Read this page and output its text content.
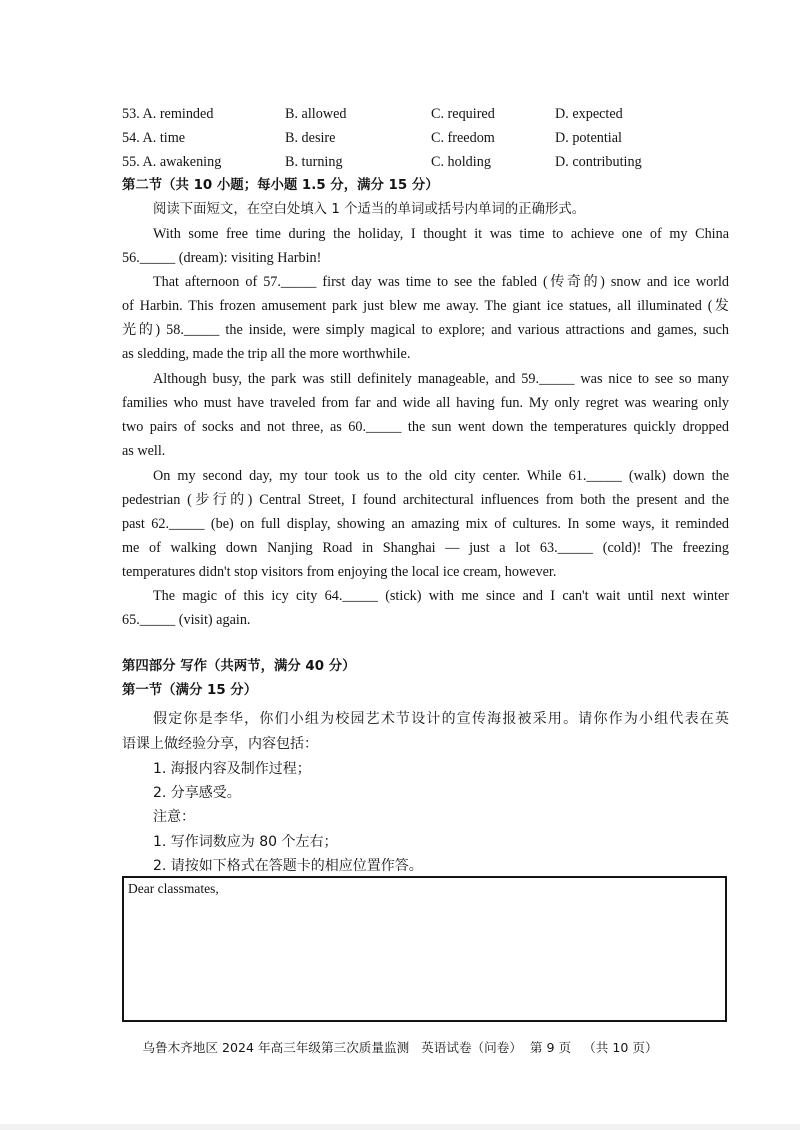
53. A. reminded	B. allowed	C. required	D. expected
54. A. time	B. desire	C. freedom	D. potential
55. A. awakening	B. turning	C. holding	D. contributing
第二节（共 10 小题；每小题 1.5 分，满分 15 分）
阅读下面短文，在空白处填入 1 个适当的单词或括号内单词的正确形式。
With some free time during the holiday, I thought it was time to achieve one of my China
56._____ (dream): visiting Harbin!
That afternoon of 57._____ first day was time to see the fabled (传奇的) snow and ice world
of Harbin. This frozen amusement park just blew me away. The giant ice statues, all illuminated (发
光的) 58._____ the inside, were simply magical to explore; and various attractions and games, such
as sledding, made the trip all the more worthwhile.
Although busy, the park was still definitely manageable, and 59._____ was nice to see so many
families who must have traveled from far and wide all having fun. My only regret was wearing only
two pairs of socks and not three, as 60._____ the sun went down the temperatures quickly dropped
as well.
On my second day, my tour took us to the old city center. While 61._____ (walk) down the
pedestrian (步行的) Central Street, I found architectural influences from both the present and the
past 62._____ (be) on full display, showing an amazing mix of cultures. In some ways, it reminded
me of walking down Nanjing Road in Shanghai — just a lot 63._____ (cold)! The freezing
temperatures didn't stop visitors from enjoying the local ice cream, however.
The magic of this icy city 64._____ (stick) with me since and I can't wait until next winter
65._____ (visit) again.
第四部分 写作（共两节，满分 40 分）
第一节（满分 15 分）
假定你是李华，你们小组为校园艺术节设计的宣传海报被采用。请你作为小组代表在英
语课上做经验分享，内容包括：
1. 海报内容及制作过程；
2. 分享感受。
注意：
1. 写作词数应为 80 个左右；
2. 请按如下格式在答题卡的相应位置作答。
Dear classmates,
乌鲁木齐地区 2024 年高三年级第三次质量监测   英语试卷（问卷）  第 9 页   （共 10 页）
